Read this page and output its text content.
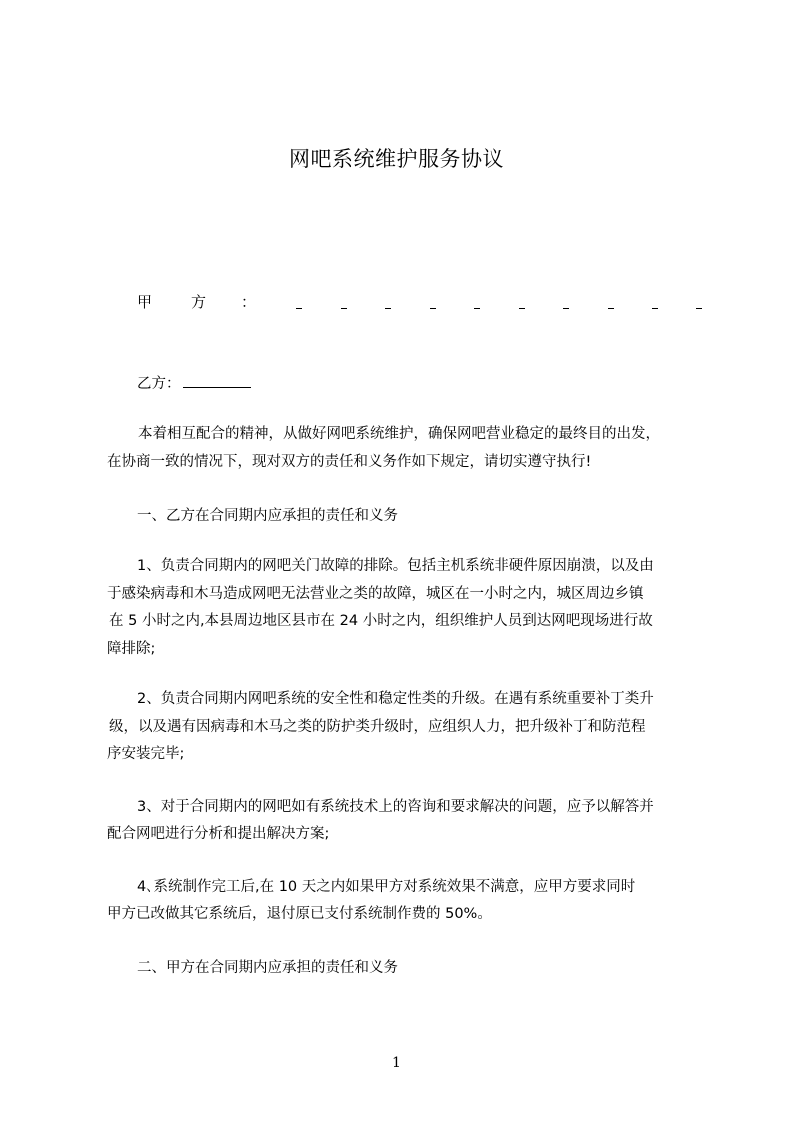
网吧系统维护服务协议
甲	方 ：
乙方：
本着相互配合的精神，从做好网吧系统维护，确保网吧营业稳定的最终目的出发，
在协商一致的情况下，现对双方的责任和义务作如下规定，请切实遵守执行!
一、乙方在合同期内应承担的责任和义务
1、负责合同期内的网吧关门故障的排除。包括主机系统非硬件原因崩溃，以及由
于感染病毒和木马造成网吧无法营业之类的故障，城区在一小时之内，城区周边乡镇
在 5 小时之内,本县周边地区县市在 24 小时之内，组织维护人员到达网吧现场进行故
障排除;
2、负责合同期内网吧系统的安全性和稳定性类的升级。在遇有系统重要补丁类升
级，以及遇有因病毒和木马之类的防护类升级时，应组织人力，把升级补丁和防范程
序安装完毕;
3、对于合同期内的网吧如有系统技术上的咨询和要求解决的问题，应予以解答并
配合网吧进行分析和提出解决方案;
4､系统制作完工后,在 10 天之内如果甲方对系统效果不满意，应甲方要求同时
甲方已改做其它系统后，退付原已支付系统制作费的 50%。
二、甲方在合同期内应承担的责任和义务
1
